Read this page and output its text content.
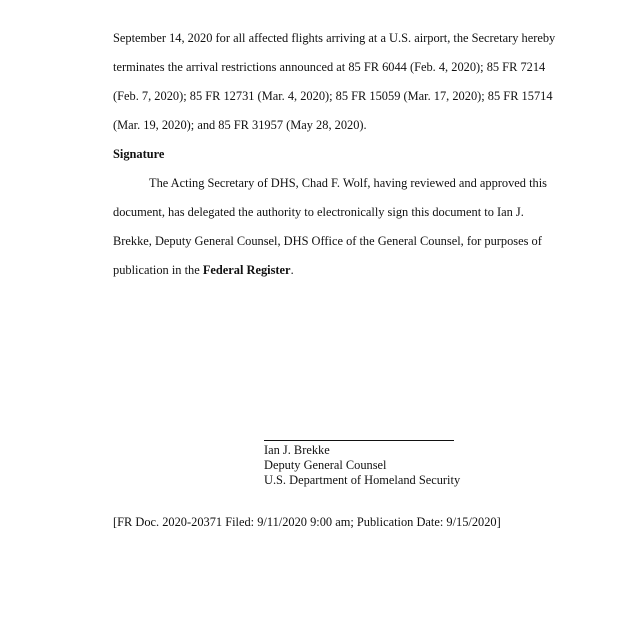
September 14, 2020 for all affected flights arriving at a U.S. airport, the Secretary hereby
terminates the arrival restrictions announced at 85 FR 6044 (Feb. 4, 2020); 85 FR 7214
(Feb. 7, 2020); 85 FR 12731 (Mar. 4, 2020); 85 FR 15059 (Mar. 17, 2020); 85 FR 15714
(Mar. 19, 2020); and 85 FR 31957 (May 28, 2020).
Signature
The Acting Secretary of DHS, Chad F. Wolf, having reviewed and approved this
document, has delegated the authority to electronically sign this document to Ian J.
Brekke, Deputy General Counsel, DHS Office of the General Counsel, for purposes of
publication in the Federal Register.
Ian J. Brekke
Deputy General Counsel
U.S. Department of Homeland Security
[FR Doc. 2020-20371 Filed: 9/11/2020 9:00 am; Publication Date: 9/15/2020]
